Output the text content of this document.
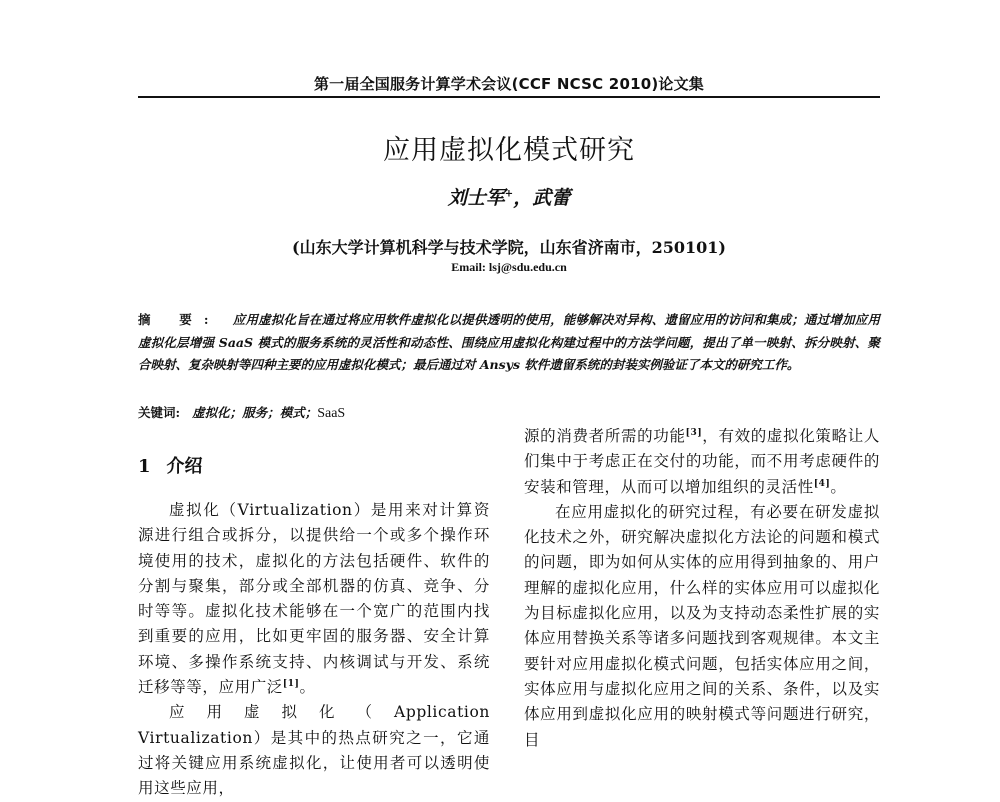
第一届全国服务计算学术会议(CCF NCSC 2010)论文集
应用虚拟化模式研究
刘士军+，武蕾
(山东大学计算机科学与技术学院，山东省济南市，250101)
Email: lsj@sdu.edu.cn
摘 要: 应用虚拟化旨在通过将应用软件虚拟化以提供透明的使用，能够解决对异构、遗留应用的访问和集成；通过增加应用虚拟化层增强 SaaS 模式的服务系统的灵活性和动态性、围绕应用虚拟化构建过程中的方法学问题，提出了单一映射、拆分映射、聚合映射、复杂映射等四种主要的应用虚拟化模式；最后通过对 Ansys 软件遗留系统的封装实例验证了本文的研究工作。
关键词: 虚拟化；服务；模式；SaaS
1 介绍

虚拟化（Virtualization）是用来对计算资源进行组合或拆分，以提供给一个或多个操作环境使用的技术，虚拟化的方法包括硬件、软件的分割与聚集，部分或全部机器的仿真、竞争、分时等等。虚拟化技术能够在一个宽广的范围内找到重要的应用，比如更牢固的服务器、安全计算环境、多操作系统支持、内核调试与开发、系统迁移等等，应用广泛[1]。

应用虚拟化（Application Virtualization）是其中的热点研究之一，它通过将关键应用系统虚拟化，让使用者可以透明使用这些应用，

源的消费者所需的功能[3]，有效的虚拟化策略让人们集中于考虑正在交付的功能，而不用考虑硬件的安装和管理，从而可以增加组织的灵活性[4]。

在应用虚拟化的研究过程，有必要在研发虚拟化技术之外，研究解决虚拟化方法论的问题和模式的问题，即为如何从实体的应用得到抽象的、用户理解的虚拟化应用，什么样的实体应用可以虚拟化为目标虚拟化应用，以及为支持动态柔性扩展的实体应用替换关系等诸多问题找到客观规律。本文主要针对应用虚拟化模式问题，包括实体应用之间，实体应用与虚拟化应用之间的关系、条件，以及实体应用到虚拟化应用的映射模式等问题进行研究，目
